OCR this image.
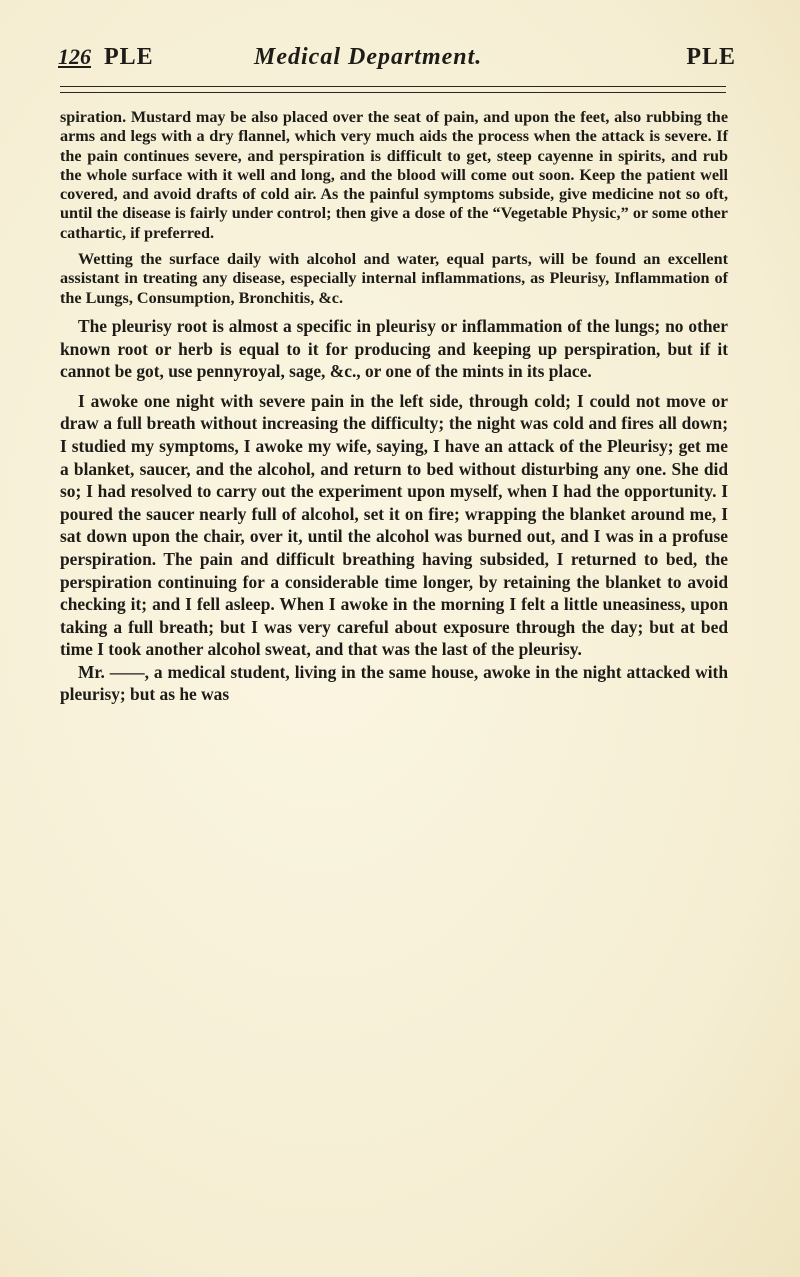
126 PLE	Medical Department.	PLE

spiration. Mustard may be also placed over the seat of pain, and upon the feet, also rubbing the arms and legs with a dry flannel, which very much aids the process when the attack is severe. If the pain continues severe, and perspiration is difficult to get, steep cayenne in spirits, and rub the whole surface with it well and long, and the blood will come out soon. Keep the patient well covered, and avoid drafts of cold air. As the painful symptoms subside, give medicine not so oft, until the disease is fairly under control; then give a dose of the “Vegetable Physic,” or some other cathartic, if preferred.

Wetting the surface daily with alcohol and water, equal parts, will be found an excellent assistant in treating any disease, especially internal inflammations, as Pleurisy, Inflammation of the Lungs, Consumption, Bronchitis, &c.

The pleurisy root is almost a specific in pleurisy or inflammation of the lungs; no other known root or herb is equal to it for producing and keeping up perspiration, but if it cannot be got, use pennyroyal, sage, &c., or one of the mints in its place.

I awoke one night with severe pain in the left side, through cold; I could not move or draw a full breath without increasing the difficulty; the night was cold and fires all down; I studied my symptoms, I awoke my wife, saying, I have an attack of the Pleurisy; get me a blanket, saucer, and the alcohol, and return to bed without disturbing any one. She did so; I had resolved to carry out the experiment upon myself, when I had the opportunity. I poured the saucer nearly full of alcohol, set it on fire; wrapping the blanket around me, I sat down upon the chair, over it, until the alcohol was burned out, and I was in a profuse perspiration. The pain and difficult breathing having subsided, I returned to bed, the perspiration continuing for a considerable time longer, by retaining the blanket to avoid checking it; and I fell asleep. When I awoke in the morning I felt a little uneasiness, upon taking a full breath; but I was very careful about exposure through the day; but at bed time I took another alcohol sweat, and that was the last of the pleurisy.

Mr. ——, a medical student, living in the same house, awoke in the night attacked with pleurisy; but as he was
